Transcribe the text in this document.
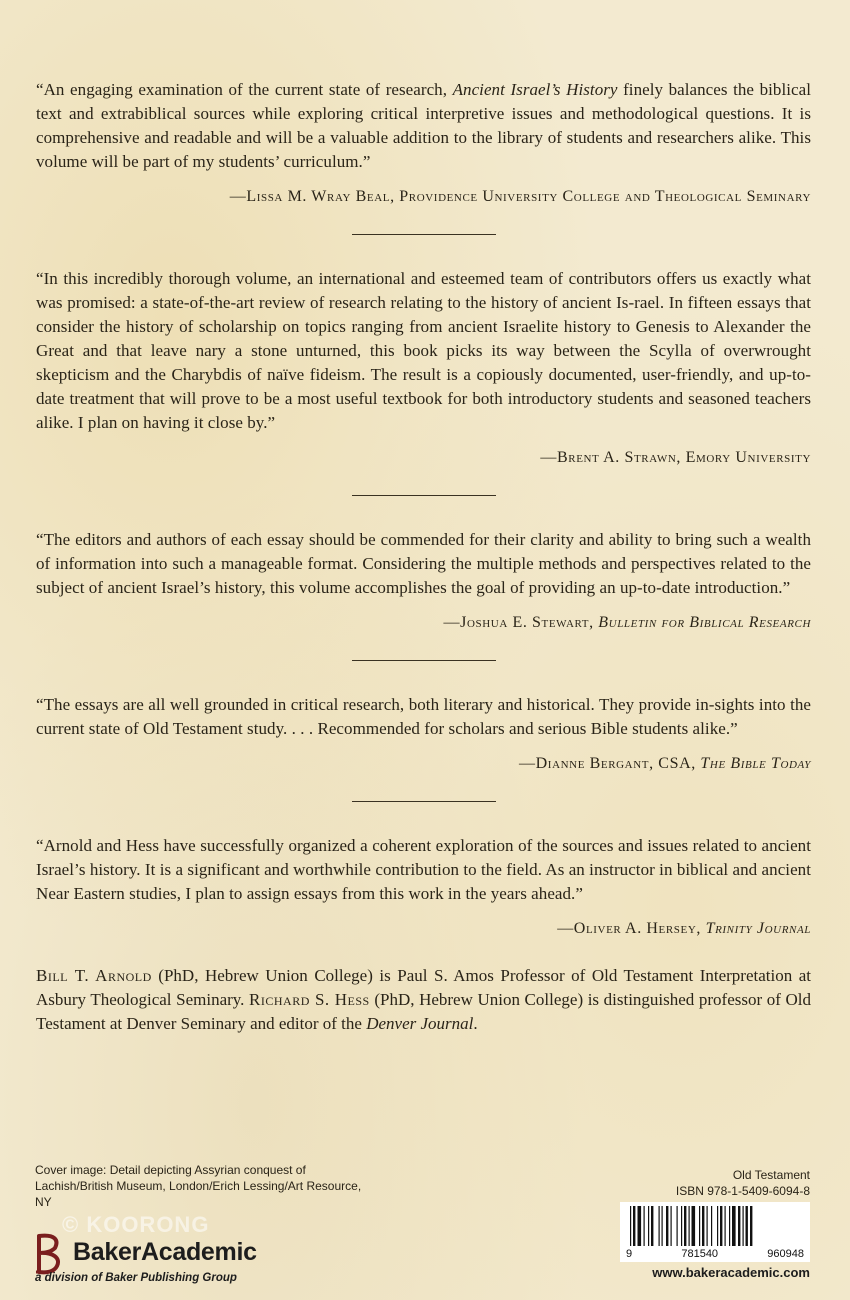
“An engaging examination of the current state of research, Ancient Israel’s History finely balances the biblical text and extrabiblical sources while exploring critical interpretive issues and methodological questions. It is comprehensive and readable and will be a valuable addition to the library of students and researchers alike. This volume will be part of my students’ curriculum.”

—Lissa M. Wray Beal, Providence University College and Theological Seminary

“In this incredibly thorough volume, an international and esteemed team of contributors offers us exactly what was promised: a state-of-the-art review of research relating to the history of ancient Is-rael. In fifteen essays that consider the history of scholarship on topics ranging from ancient Israelite history to Genesis to Alexander the Great and that leave nary a stone unturned, this book picks its way between the Scylla of overwrought skepticism and the Charybdis of naïve fideism. The result is a copiously documented, user-friendly, and up-to-date treatment that will prove to be a most useful textbook for both introductory students and seasoned teachers alike. I plan on having it close by.”

—Brent A. Strawn, Emory University

“The editors and authors of each essay should be commended for their clarity and ability to bring such a wealth of information into such a manageable format. Considering the multiple methods and perspectives related to the subject of ancient Israel’s history, this volume accomplishes the goal of providing an up-to-date introduction.”

—Joshua E. Stewart, Bulletin for Biblical Research

“The essays are all well grounded in critical research, both literary and historical. They provide in-sights into the current state of Old Testament study. . . . Recommended for scholars and serious Bible students alike.”

—Dianne Bergant, CSA, The Bible Today

“Arnold and Hess have successfully organized a coherent exploration of the sources and issues related to ancient Israel’s history. It is a significant and worthwhile contribution to the field. As an instructor in biblical and ancient Near Eastern studies, I plan to assign essays from this work in the years ahead.”

—Oliver A. Hersey, Trinity Journal

Bill T. Arnold (PhD, Hebrew Union College) is Paul S. Amos Professor of Old Testament Interpretation at Asbury Theological Seminary. Richard S. Hess (PhD, Hebrew Union College) is distinguished professor of Old Testament at Denver Seminary and editor of the Denver Journal.

Cover image: Detail depicting Assyrian conquest of Lachish/British Museum, London/Erich Lessing/Art Resource, NY
© KOORONG
BakerAcademic
a division of Baker Publishing Group
Old Testament
ISBN 978-1-5409-6094-8
9	781540	960948
www.bakeracademic.com
